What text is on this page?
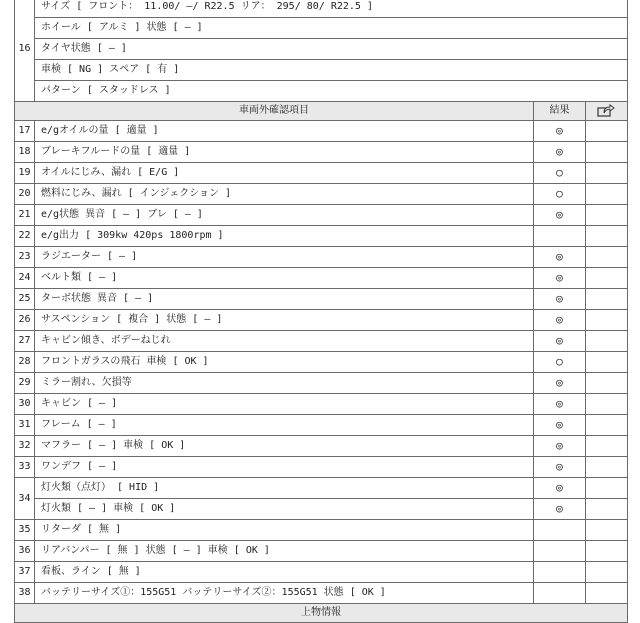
16	サイズ [ フロント： 11.00/ —/ R22.5 リア： 295/ 80/ R22.5 ]		
	ホイール [ アルミ ] 状態 [ — ]		
	タイヤ状態 [ — ]		
	車検 [ NG ] スペア [ 有 ]		
	パターン [ スタッドレス ]		
車両外確認項目		結果	
17	e/gオイルの量 [ 適量 ]	◎	
18	ブレーキフルードの量 [ 適量 ]	◎	
19	オイルにじみ、漏れ [ E/G ]	○	
20	燃料にじみ、漏れ [ インジェクション ]	○	
21	e/g状態 異音 [ — ] ブレ [ — ]	◎	
22	e/g出力 [ 309kw 420ps 1800rpm ]		
23	ラジエーター [ — ]	◎	
24	ベルト類 [ — ]	◎	
25	ターボ状態 異音 [ — ]	◎	
26	サスペンション [ 複合 ] 状態 [ — ]	◎	
27	キャビン傾き、ボデーねじれ	◎	
28	フロントガラスの飛石 車検 [ OK ]	○	
29	ミラー割れ、欠損等	◎	
30	キャビン [ — ]	◎	
31	フレーム [ — ]	◎	
32	マフラー [ — ] 車検 [ OK ]	◎	
33	ワンデフ [ — ]	◎	
34	灯火類（点灯） [ HID ]	◎	
	灯火類 [ — ] 車検 [ OK ]	◎	
35	リターダ [ 無 ]		
36	リアバンパー [ 無 ] 状態 [ — ] 車検 [ OK ]		
37	看板、ライン [ 無 ]		
38	バッテリーサイズ①：155G51 バッテリーサイズ②：155G51 状態 [ OK ]		
上物情報			
